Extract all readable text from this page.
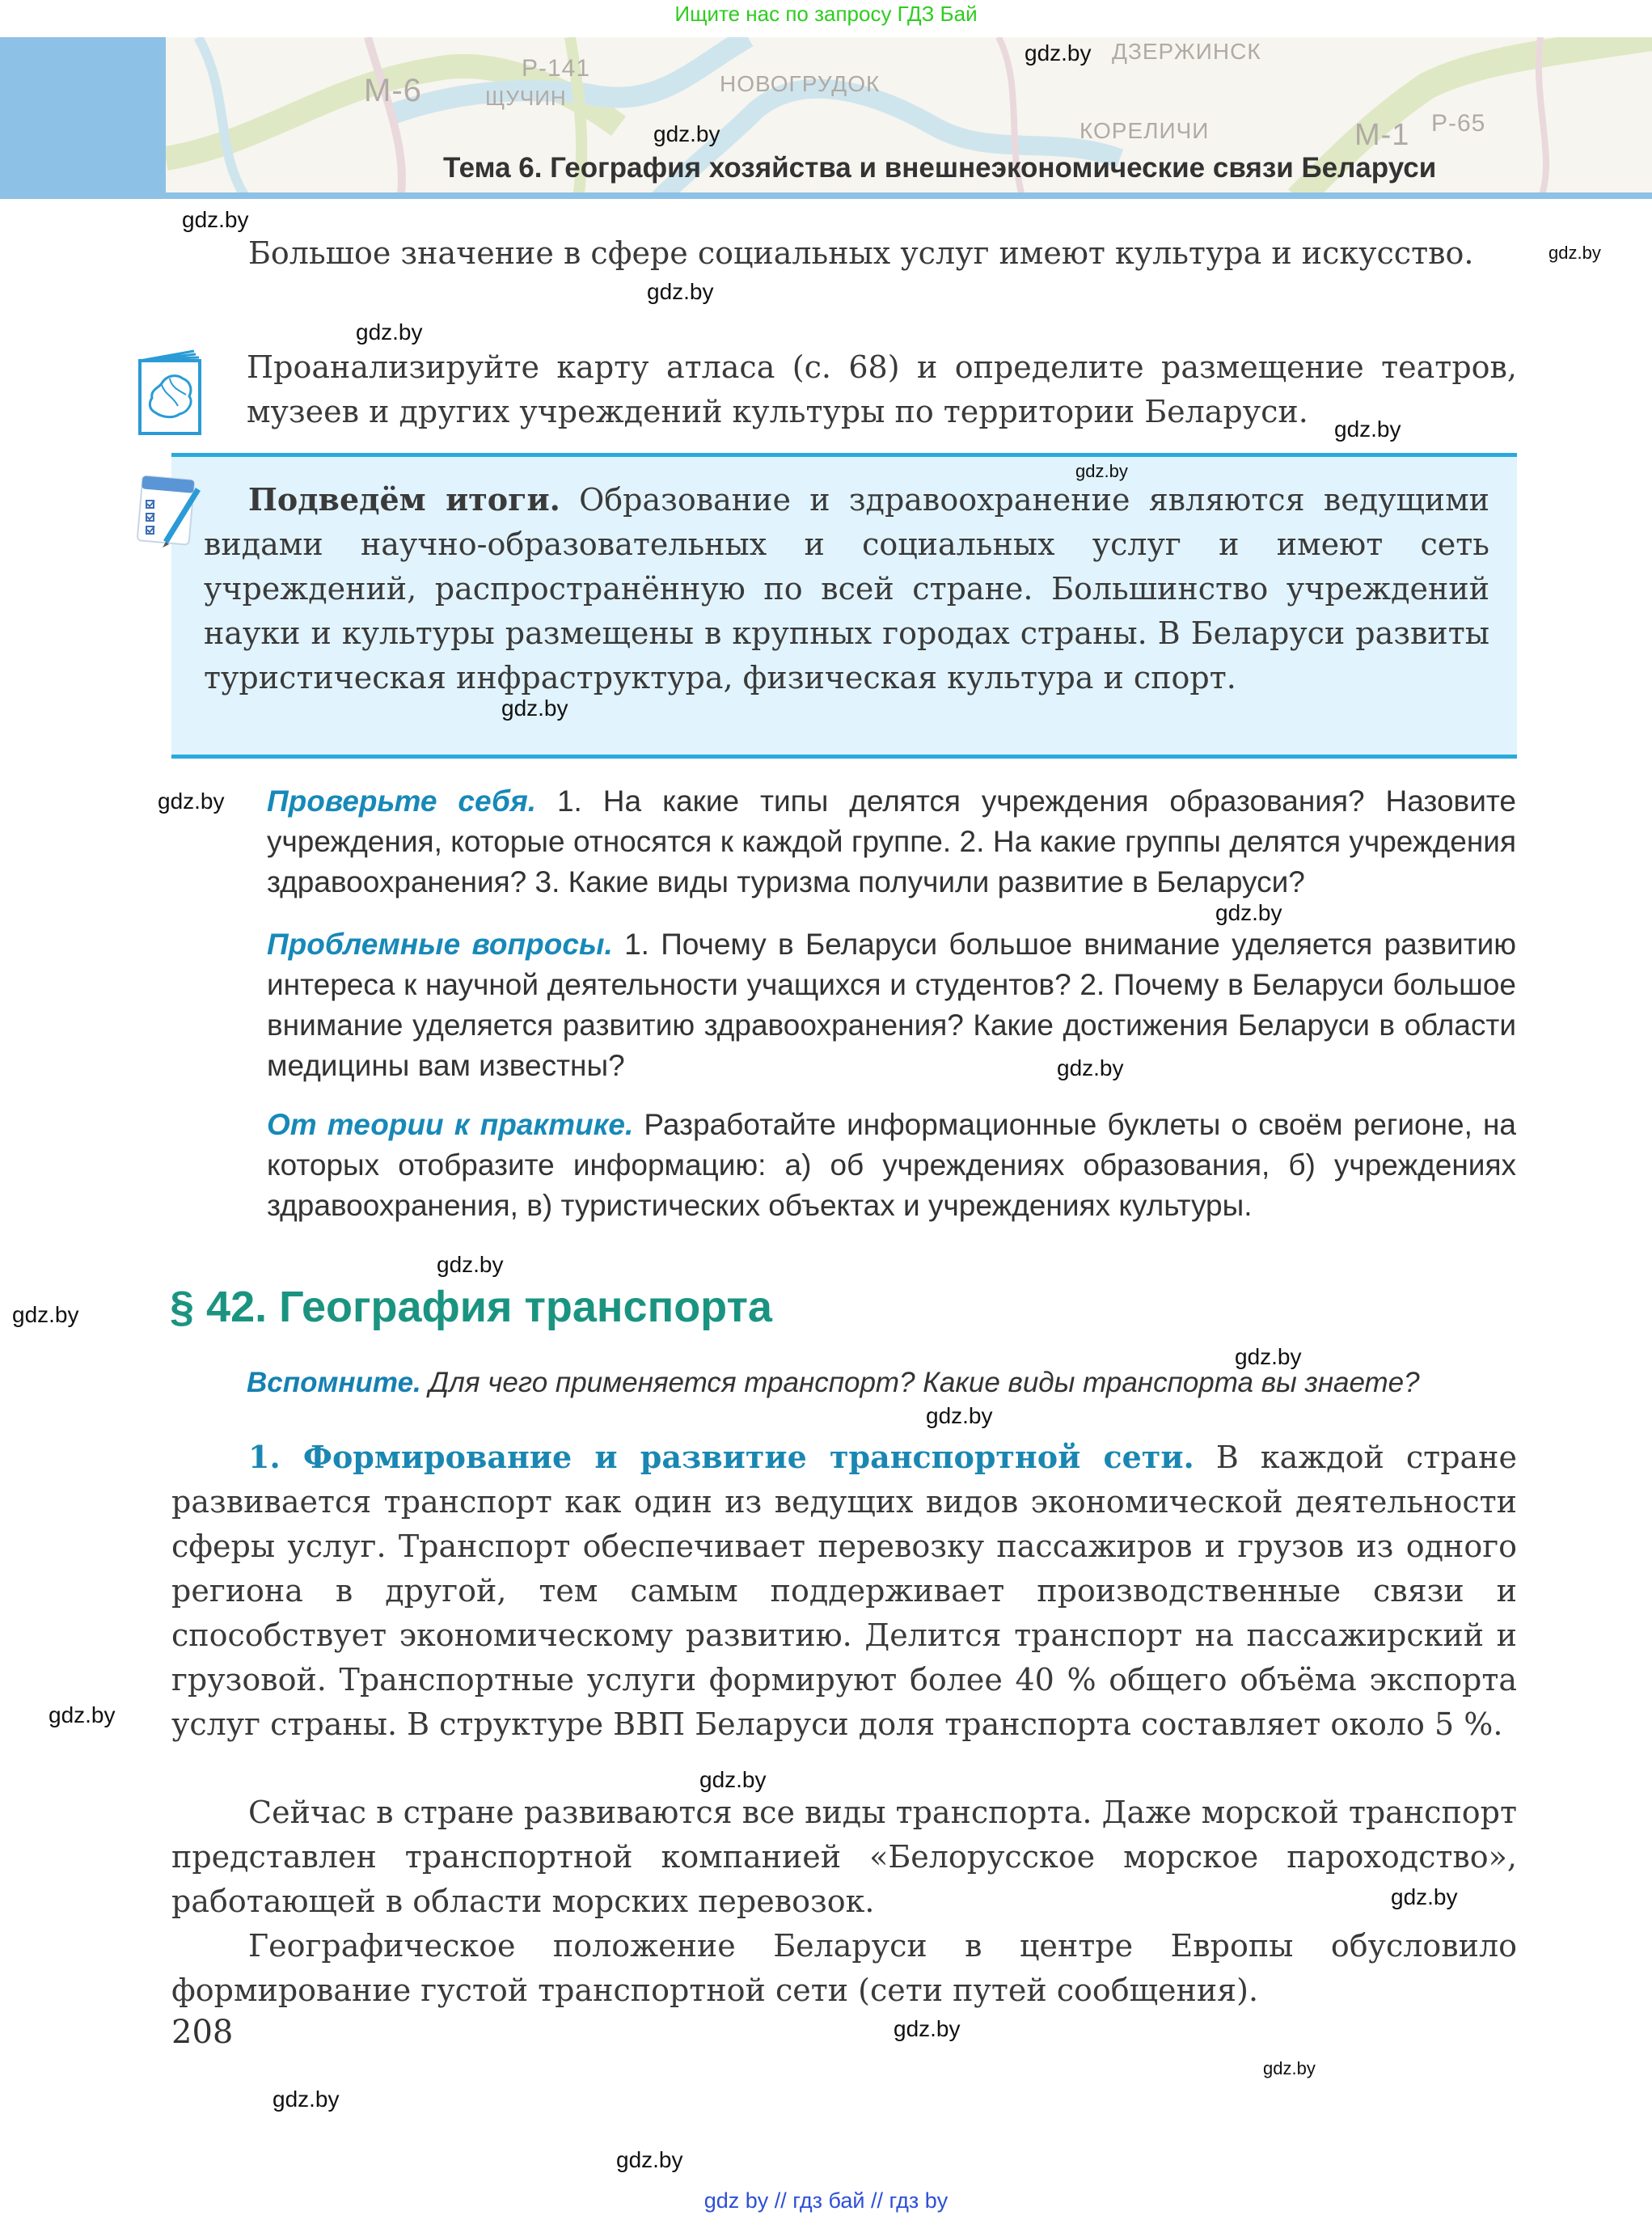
Ищите нас по запросу ГДЗ Бай
М-6
Р-141
ЩУЧИН
НОВОГРУДОК
ДЗЕРЖИНСК
КОРЕЛИЧИ	Р-65
М-1
Тема 6. География хозяйства и внешнеэкономические связи Беларуси
Большое значение в сфере социальных услуг имеют культура и искусство.
Проанализируйте карту атласа (с. 68) и определите размещение театров, музеев и других учреждений культуры по территории Беларуси.
Подведём итоги. Образование и здравоохранение являются ведущими видами научно-образовательных и социальных услуг и имеют сеть учреждений, распространённую по всей стране. Большинство учреждений науки и культуры размещены в крупных городах страны. В Беларуси развиты туристическая инфраструктура, физическая культура и спорт.
Проверьте себя. 1. На какие типы делятся учреждения образования? Назовите учреждения, которые относятся к каждой группе. 2. На какие группы делятся учреждения здравоохранения? 3. Какие виды туризма получили развитие в Беларуси?
Проблемные вопросы. 1. Почему в Беларуси большое внимание уделяется развитию интереса к научной деятельности учащихся и студентов? 2. Почему в Беларуси большое внимание уделяется развитию здравоохранения? Какие достижения Беларуси в области медицины вам известны?
От теории к практике. Разработайте информационные буклеты о своём регионе, на которых отобразите информацию: а) об учреждениях образования, б) учреждениях здравоохранения, в) туристических объектах и учреждениях культуры.
§ 42. География транспорта
Вспомните. Для чего применяется транспорт? Какие виды транспорта вы знаете?
1. Формирование и развитие транспортной сети. В каждой стране развивается транспорт как один из ведущих видов экономической деятельности сферы услуг. Транспорт обеспечивает перевозку пассажиров и грузов из одного региона в другой, тем самым поддерживает производственные связи и способствует экономическому развитию. Делится транспорт на пассажирский и грузовой. Транспортные услуги формируют более 40 % общего объёма экспорта услуг страны. В структуре ВВП Беларуси доля транспорта составляет около 5 %.
Сейчас в стране развиваются все виды транспорта. Даже морской транспорт представлен транспортной компанией «Белорусское морское пароходство», работающей в области морских перевозок.
Географическое положение Беларуси в центре Европы обусловило формирование густой транспортной сети (сети путей сообщения).
208
gdz.by
gdz.by
gdz.by
gdz.by
gdz.by
gdz.by
gdz.by
gdz.by
gdz.by
gdz.by
gdz.by
gdz.by
gdz.by
gdz.by
gdz.by
gdz.by
gdz.by
gdz.by
gdz.by
gdz.by
gdz.by
gdz.by
gdz.by
gdz by // гдз бай // гдз by
